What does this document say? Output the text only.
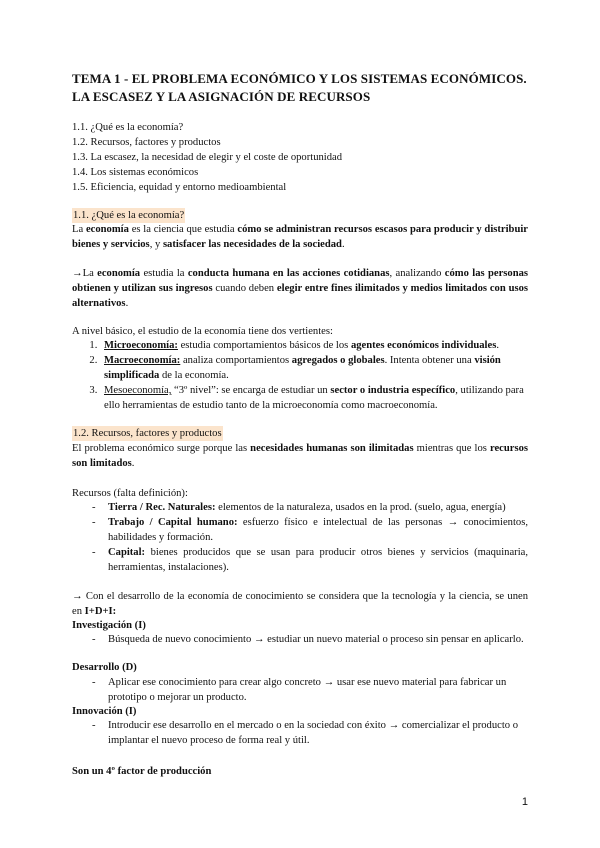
TEMA 1 - EL PROBLEMA ECONÓMICO Y LOS SISTEMAS ECONÓMICOS. LA ESCASEZ Y LA ASIGNACIÓN DE RECURSOS
1.1. ¿Qué es la economía?
1.2. Recursos, factores y productos
1.3. La escasez, la necesidad de elegir y el coste de oportunidad
1.4. Los sistemas económicos
1.5. Eficiencia, equidad y entorno medioambiental
1.1. ¿Qué es la economía?
La economía es la ciencia que estudia cómo se administran recursos escasos para producir y distribuir bienes y servicios, y satisfacer las necesidades de la sociedad.
→La economía estudia la conducta humana en las acciones cotidianas, analizando cómo las personas obtienen y utilizan sus ingresos cuando deben elegir entre fines ilimitados y medios limitados con usos alternativos.
A nivel básico, el estudio de la economía tiene dos vertientes:
1. Microeconomía: estudia comportamientos básicos de los agentes económicos individuales.
2. Macroeconomía: analiza comportamientos agregados o globales. Intenta obtener una visión simplificada de la economía.
3. Mesoeconomía, “3º nivel”: se encarga de estudiar un sector o industria específico, utilizando para ello herramientas de estudio tanto de la microeconomía como macroeconomía.
1.2. Recursos, factores y productos
El problema económico surge porque las necesidades humanas son ilimitadas mientras que los recursos son limitados.
Recursos (falta definición):
- Tierra / Rec. Naturales: elementos de la naturaleza, usados en la prod. (suelo, agua, energía)
- Trabajo / Capital humano: esfuerzo físico e intelectual de las personas → conocimientos, habilidades y formación.
- Capital: bienes producidos que se usan para producir otros bienes y servicios (maquinaria, herramientas, instalaciones).
→ Con el desarrollo de la economía de conocimiento se considera que la tecnología y la ciencia, se unen en I+D+I:
Investigación (I)
- Búsqueda de nuevo conocimiento → estudiar un nuevo material o proceso sin pensar en aplicarlo.
Desarrollo (D)
- Aplicar ese conocimiento para crear algo concreto → usar ese nuevo material para fabricar un prototipo o mejorar un producto.
Innovación (I)
- Introducir ese desarrollo en el mercado o en la sociedad con éxito → comercializar el producto o implantar el nuevo proceso de forma real y útil.
Son un 4º factor de producción
1
